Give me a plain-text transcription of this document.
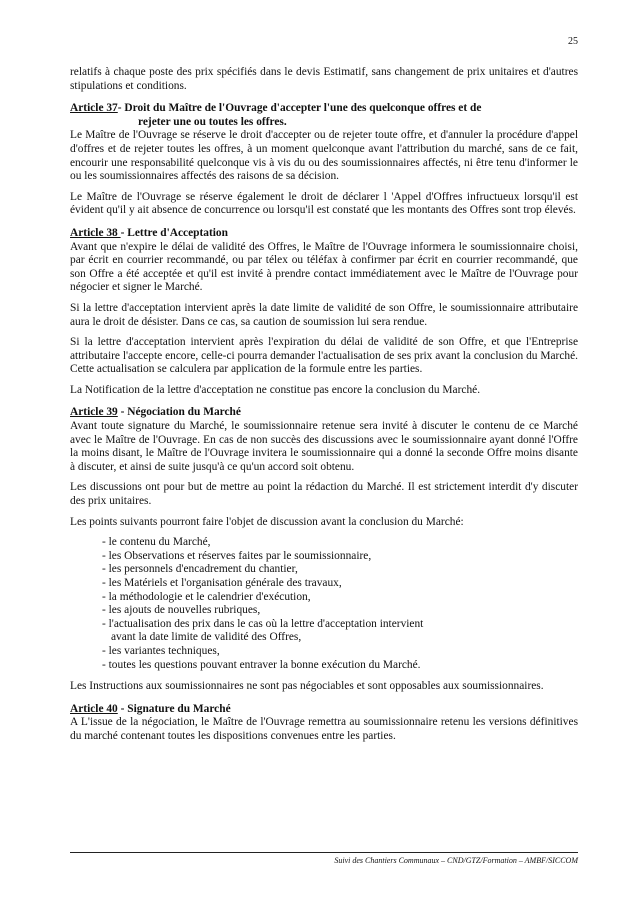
25

relatifs à chaque poste des prix spécifiés dans le devis Estimatif, sans changement de prix unitaires et d'autres stipulations et conditions.

Article 37 - Droit du Maître de l'Ouvrage d'accepter l'une des quelconque offres et de
rejeter une ou toutes les offres.

Le Maître de l'Ouvrage se réserve le droit d'accepter ou de rejeter toute offre, et d'annuler la procédure d'appel d'offres et de rejeter toutes les offres, à un moment quelconque avant l'attribution du marché, sans de ce fait, encourir une responsabilité quelconque vis à vis du ou des soumissionnaires affectés, ni être tenu d'informer le ou les soumissionnaires affectés des raisons de sa décision.

Le Maître de l'Ouvrage se réserve également le droit de déclarer l 'Appel d'Offres infructueux lorsqu'il est évident qu'il y ait absence de concurrence ou lorsqu'il est constaté que les montants des Offres sont trop élevés.

Article 38 - Lettre d'Acceptation

Avant que n'expire le délai de validité des Offres, le Maître de l'Ouvrage informera le soumissionnaire choisi, par écrit en courrier recommandé, ou par télex ou téléfax à confirmer par écrit en courrier recommandé, que son Offre a été acceptée et qu'il est invité à prendre contact immédiatement avec le Maître de l'Ouvrage pour négocier et signer le Marché.

Si la lettre d'acceptation intervient après la date limite de validité de son Offre, le soumissionnaire attributaire aura le droit de désister. Dans ce cas, sa caution de soumission lui sera rendue.

Si la lettre d'acceptation intervient après l'expiration du délai de validité de son Offre, et que l'Entreprise attributaire l'accepte encore, celle-ci pourra demander l'actualisation de ses prix avant la conclusion du Marché. Cette actualisation se calculera par application de la formule entre les parties.

La Notification de la lettre d'acceptation ne constitue pas encore la conclusion du Marché.

Article 39 - Négociation du Marché

Avant toute signature du Marché, le soumissionnaire retenue sera invité à discuter le contenu de ce Marché avec le Maître de l'Ouvrage. En cas de non succès des discussions avec le soumissionnaire ayant donné l'Offre la moins disant, le Maître de l'Ouvrage invitera le soumissionnaire qui a donné la seconde Offre moins disante à discuter, et ainsi de suite jusqu'à ce qu'un accord soit obtenu.

Les discussions ont pour but de mettre au point la rédaction du Marché. Il est strictement interdit d'y discuter des prix unitaires.

Les points suivants pourront faire l'objet de discussion avant la conclusion du Marché:

- le contenu du Marché,
- les Observations et réserves faites par le soumissionnaire,
- les personnels d'encadrement du chantier,
- les Matériels et l'organisation générale des travaux,
- la méthodologie et le calendrier d'exécution,
- les ajouts de nouvelles rubriques,
- l'actualisation des prix dans le cas où la lettre d'acceptation intervient
avant la date limite de validité des Offres,
- les variantes techniques,
- toutes les questions pouvant entraver la bonne exécution du Marché.

Les Instructions aux soumissionnaires ne sont pas négociables et sont opposables aux soumissionnaires.

Article 40 - Signature du Marché

A L'issue de la négociation, le Maître de l'Ouvrage remettra au soumissionnaire retenu les versions définitives du marché contenant toutes les dispositions convenues entre les parties.

Suivi des Chantiers Communaux – CND/GTZ/Formation – AMBF/SICCOM
